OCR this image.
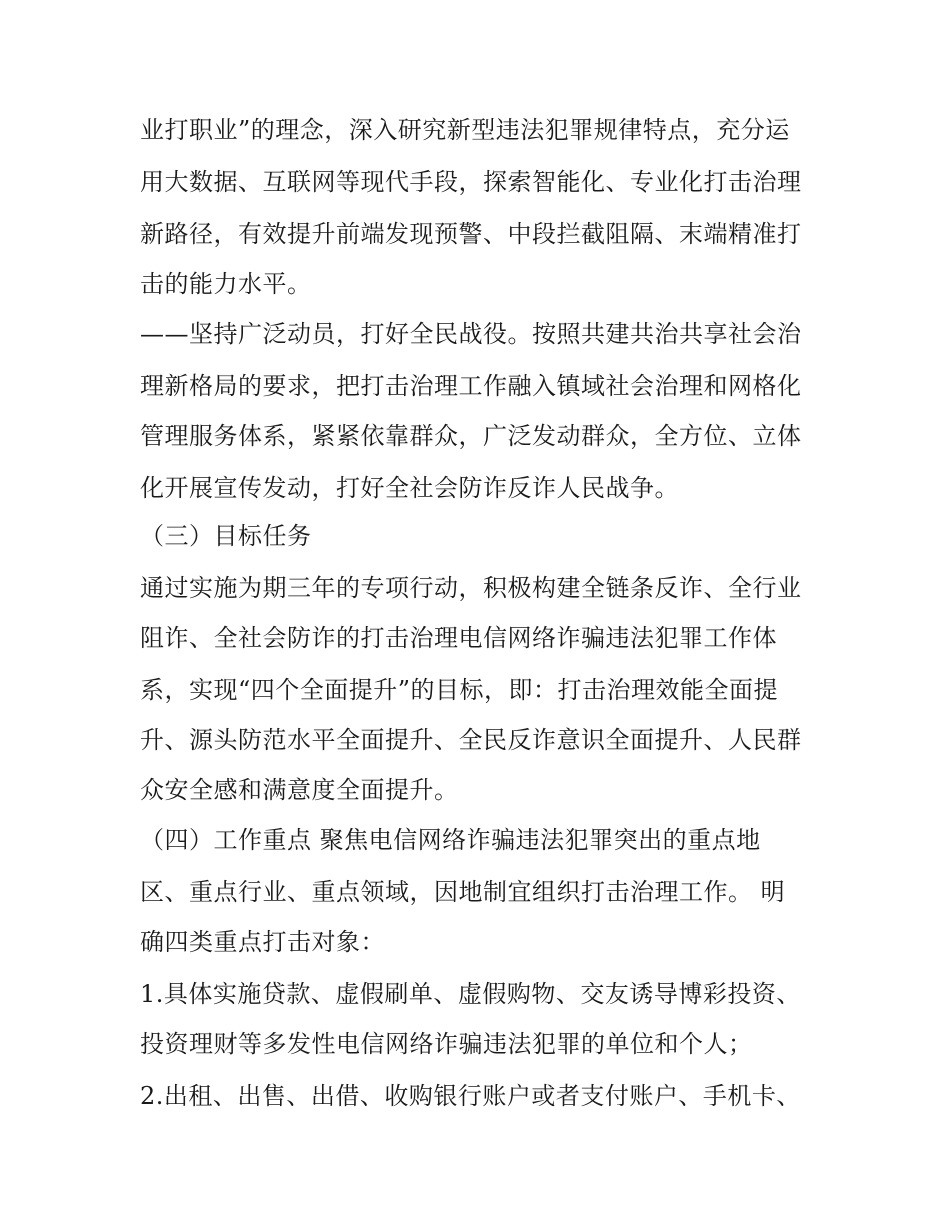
业打职业”的理念，深入研究新型违法犯罪规律特点，充分运
用大数据、互联网等现代手段，探索智能化、专业化打击治理
新路径，有效提升前端发现预警、中段拦截阻隔、末端精准打
击的能力水平。
——坚持广泛动员，打好全民战役。按照共建共治共享社会治
理新格局的要求，把打击治理工作融入镇域社会治理和网格化
管理服务体系，紧紧依靠群众，广泛发动群众，全方位、立体
化开展宣传发动，打好全社会防诈反诈人民战争。
（三）目标任务
通过实施为期三年的专项行动，积极构建全链条反诈、全行业
阻诈、全社会防诈的打击治理电信网络诈骗违法犯罪工作体
系，实现“四个全面提升”的目标，即：打击治理效能全面提
升、源头防范水平全面提升、全民反诈意识全面提升、人民群
众安全感和满意度全面提升。
（四）工作重点 聚焦电信网络诈骗违法犯罪突出的重点地
区、重点行业、重点领域，因地制宜组织打击治理工作。 明
确四类重点打击对象：
1.具体实施贷款、虚假刷单、虚假购物、交友诱导博彩投资、
投资理财等多发性电信网络诈骗违法犯罪的单位和个人；
2.出租、出售、出借、收购银行账户或者支付账户、手机卡、
